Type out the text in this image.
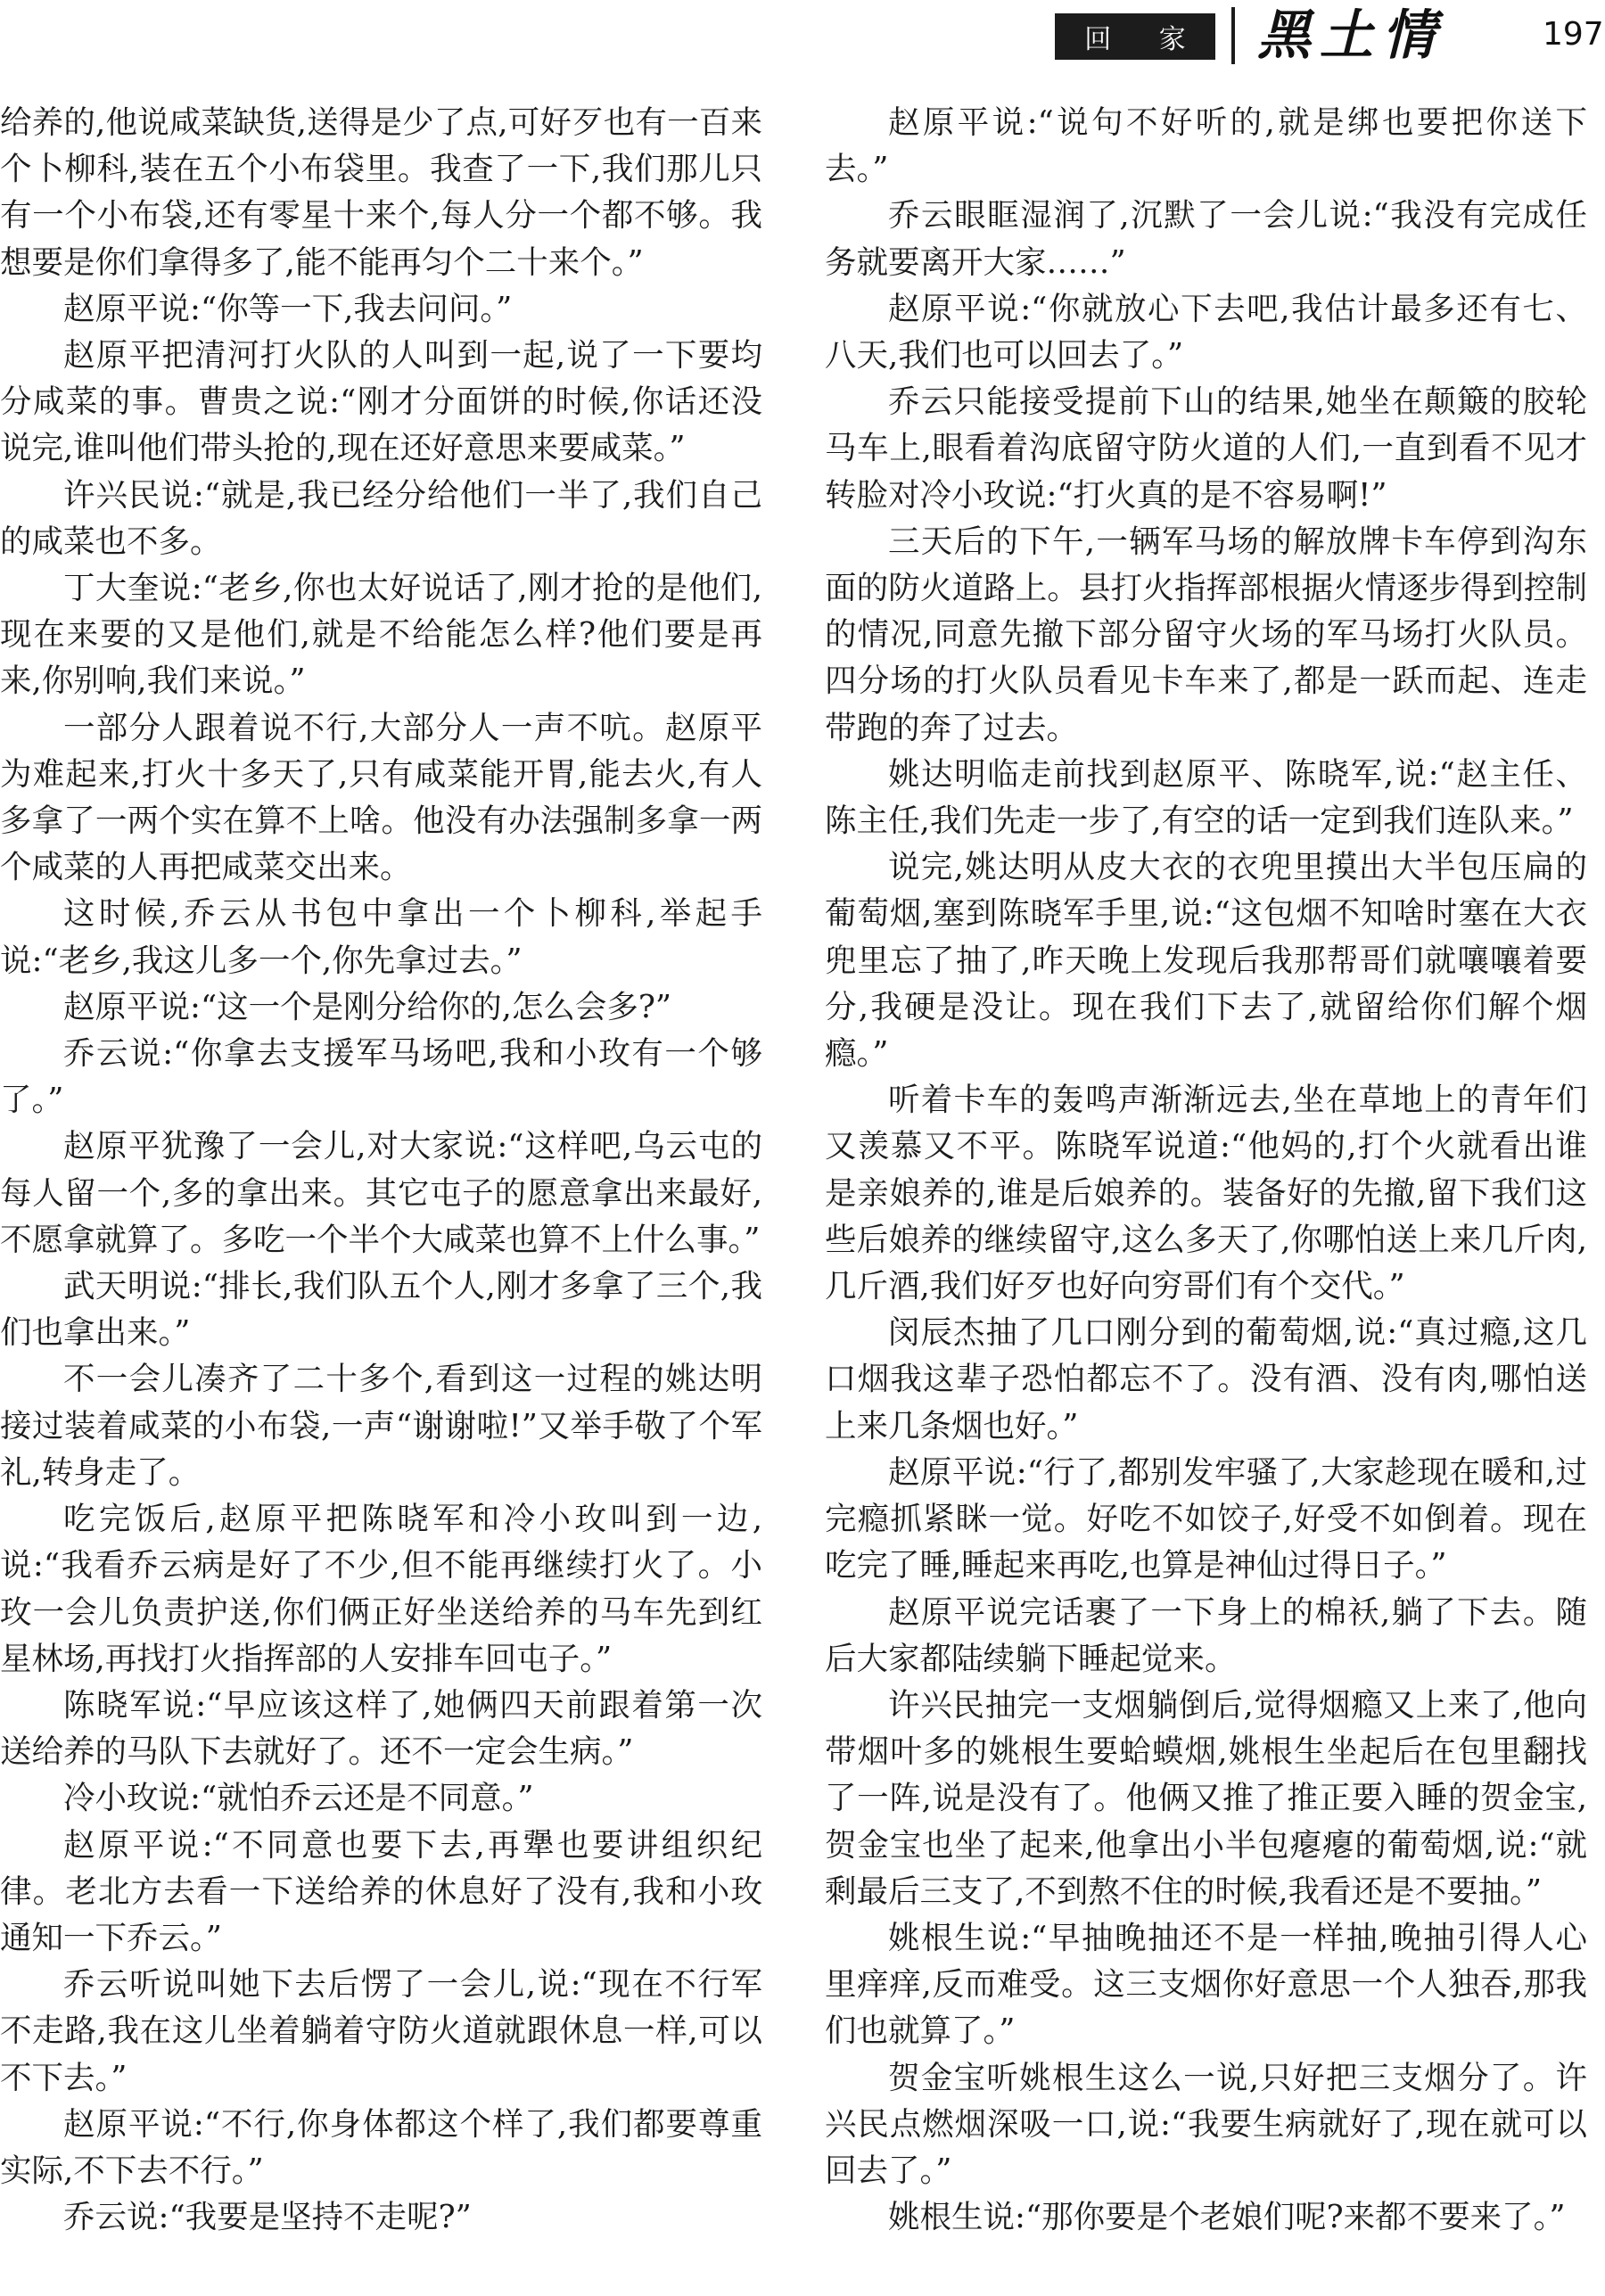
回 家 黑土情	197

给养的,他说咸菜缺货,送得是少了点,可好歹也有一百来个卜柳科,装在五个小布袋里。我查了一下,我们那儿只有一个小布袋,还有零星十来个,每人分一个都不够。我想要是你们拿得多了,能不能再匀个二十来个。”

赵原平说:“你等一下,我去问问。”

赵原平把清河打火队的人叫到一起,说了一下要均分咸菜的事。曹贵之说:“刚才分面饼的时候,你话还没说完,谁叫他们带头抢的,现在还好意思来要咸菜。”

许兴民说:“就是,我已经分给他们一半了,我们自己的咸菜也不多。

丁大奎说:“老乡,你也太好说话了,刚才抢的是他们,现在来要的又是他们,就是不给能怎么样?他们要是再来,你别响,我们来说。”

一部分人跟着说不行,大部分人一声不吭。赵原平为难起来,打火十多天了,只有咸菜能开胃,能去火,有人多拿了一两个实在算不上啥。他没有办法强制多拿一两个咸菜的人再把咸菜交出来。

这时候,乔云从书包中拿出一个卜柳科,举起手说:“老乡,我这儿多一个,你先拿过去。”

赵原平说:“这一个是刚分给你的,怎么会多?”

乔云说:“你拿去支援军马场吧,我和小玫有一个够了。”

赵原平犹豫了一会儿,对大家说:“这样吧,乌云屯的每人留一个,多的拿出来。其它屯子的愿意拿出来最好,不愿拿就算了。多吃一个半个大咸菜也算不上什么事。”

武天明说:“排长,我们队五个人,刚才多拿了三个,我们也拿出来。”

不一会儿凑齐了二十多个,看到这一过程的姚达明接过装着咸菜的小布袋,一声“谢谢啦!”又举手敬了个军礼,转身走了。

吃完饭后,赵原平把陈晓军和冷小玫叫到一边,说:“我看乔云病是好了不少,但不能再继续打火了。小玫一会儿负责护送,你们俩正好坐送给养的马车先到红星林场,再找打火指挥部的人安排车回屯子。”

陈晓军说:“早应该这样了,她俩四天前跟着第一次送给养的马队下去就好了。还不一定会生病。”

冷小玫说:“就怕乔云还是不同意。”

赵原平说:“不同意也要下去,再犟也要讲组织纪律。老北方去看一下送给养的休息好了没有,我和小玫通知一下乔云。”

乔云听说叫她下去后愣了一会儿,说:“现在不行军不走路,我在这儿坐着躺着守防火道就跟休息一样,可以不下去。”

赵原平说:“不行,你身体都这个样了,我们都要尊重实际,不下去不行。”

乔云说:“我要是坚持不走呢?”

赵原平说:“说句不好听的,就是绑也要把你送下去。”

乔云眼眶湿润了,沉默了一会儿说:“我没有完成任务就要离开大家……”

赵原平说:“你就放心下去吧,我估计最多还有七、八天,我们也可以回去了。”

乔云只能接受提前下山的结果,她坐在颠簸的胶轮马车上,眼看着沟底留守防火道的人们,一直到看不见才转脸对冷小玫说:“打火真的是不容易啊!”

三天后的下午,一辆军马场的解放牌卡车停到沟东面的防火道路上。县打火指挥部根据火情逐步得到控制的情况,同意先撤下部分留守火场的军马场打火队员。四分场的打火队员看见卡车来了,都是一跃而起、连走带跑的奔了过去。

姚达明临走前找到赵原平、陈晓军,说:“赵主任、陈主任,我们先走一步了,有空的话一定到我们连队来。”

说完,姚达明从皮大衣的衣兜里摸出大半包压扁的葡萄烟,塞到陈晓军手里,说:“这包烟不知啥时塞在大衣兜里忘了抽了,昨天晚上发现后我那帮哥们就嚷嚷着要分,我硬是没让。现在我们下去了,就留给你们解个烟瘾。”

听着卡车的轰鸣声渐渐远去,坐在草地上的青年们又羡慕又不平。陈晓军说道:“他妈的,打个火就看出谁是亲娘养的,谁是后娘养的。装备好的先撤,留下我们这些后娘养的继续留守,这么多天了,你哪怕送上来几斤肉,几斤酒,我们好歹也好向穷哥们有个交代。”

闵辰杰抽了几口刚分到的葡萄烟,说:“真过瘾,这几口烟我这辈子恐怕都忘不了。没有酒、没有肉,哪怕送上来几条烟也好。”

赵原平说:“行了,都别发牢骚了,大家趁现在暖和,过完瘾抓紧眯一觉。好吃不如饺子,好受不如倒着。现在吃完了睡,睡起来再吃,也算是神仙过得日子。”

赵原平说完话裹了一下身上的棉袄,躺了下去。随后大家都陆续躺下睡起觉来。

许兴民抽完一支烟躺倒后,觉得烟瘾又上来了,他向带烟叶多的姚根生要蛤蟆烟,姚根生坐起后在包里翻找了一阵,说是没有了。他俩又推了推正要入睡的贺金宝,贺金宝也坐了起来,他拿出小半包瘪瘪的葡萄烟,说:“就剩最后三支了,不到熬不住的时候,我看还是不要抽。”

姚根生说:“早抽晚抽还不是一样抽,晚抽引得人心里痒痒,反而难受。这三支烟你好意思一个人独吞,那我们也就算了。”

贺金宝听姚根生这么一说,只好把三支烟分了。许兴民点燃烟深吸一口,说:“我要生病就好了,现在就可以回去了。”

姚根生说:“那你要是个老娘们呢?来都不要来了。”
